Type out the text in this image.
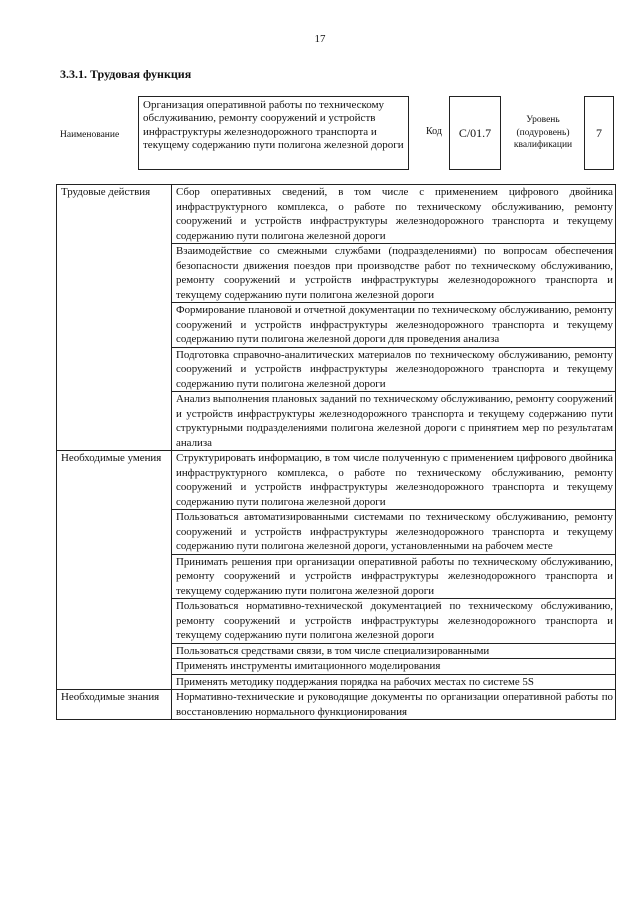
17
3.3.1. Трудовая функция
Наименование
Организация оперативной работы по техническому обслуживанию, ремонту сооружений и устройств инфраструктуры железнодорожного транспорта и текущему содержанию пути полигона железной дороги
Код C/01.7
Уровень
(подуровень)
квалификации
7
Трудовые действия	Сбор оперативных сведений, в том числе с применением цифрового двойника инфраструктурного комплекса, о работе по техническому обслуживанию, ремонту сооружений и устройств инфраструктуры железнодорожного транспорта и текущему содержанию пути полигона железной дороги
	Взаимодействие со смежными службами (подразделениями) по вопросам обеспечения безопасности движения поездов при производстве работ по техническому обслуживанию, ремонту сооружений и устройств инфраструктуры железнодорожного транспорта и текущему содержанию пути полигона железной дороги
	Формирование плановой и отчетной документации по техническому обслуживанию, ремонту сооружений и устройств инфраструктуры железнодорожного транспорта и текущему содержанию пути полигона железной дороги для проведения анализа
	Подготовка справочно-аналитических материалов по техническому обслуживанию, ремонту сооружений и устройств инфраструктуры железнодорожного транспорта и текущему содержанию пути полигона железной дороги
	Анализ выполнения плановых заданий по техническому обслуживанию, ремонту сооружений и устройств инфраструктуры железнодорожного транспорта и текущему содержанию пути структурными подразделениями полигона железной дороги с принятием мер по результатам анализа
Необходимые умения	Структурировать информацию, в том числе полученную с применением цифрового двойника инфраструктурного комплекса, о работе по техническому обслуживанию, ремонту сооружений и устройств инфраструктуры железнодорожного транспорта и текущему содержанию пути полигона железной дороги
	Пользоваться автоматизированными системами по техническому обслуживанию, ремонту сооружений и устройств инфраструктуры железнодорожного транспорта и текущему содержанию пути полигона железной дороги, установленными на рабочем месте
	Принимать решения при организации оперативной работы по техническому обслуживанию, ремонту сооружений и устройств инфраструктуры железнодорожного транспорта и текущему содержанию пути полигона железной дороги
	Пользоваться нормативно-технической документацией по техническому обслуживанию, ремонту сооружений и устройств инфраструктуры железнодорожного транспорта и текущему содержанию пути полигона железной дороги
	Пользоваться средствами связи, в том числе специализированными
	Применять инструменты имитационного моделирования
	Применять методику поддержания порядка на рабочих местах по системе 5S
Необходимые знания	Нормативно-технические и руководящие документы по организации оперативной работы по восстановлению нормального функционирования
